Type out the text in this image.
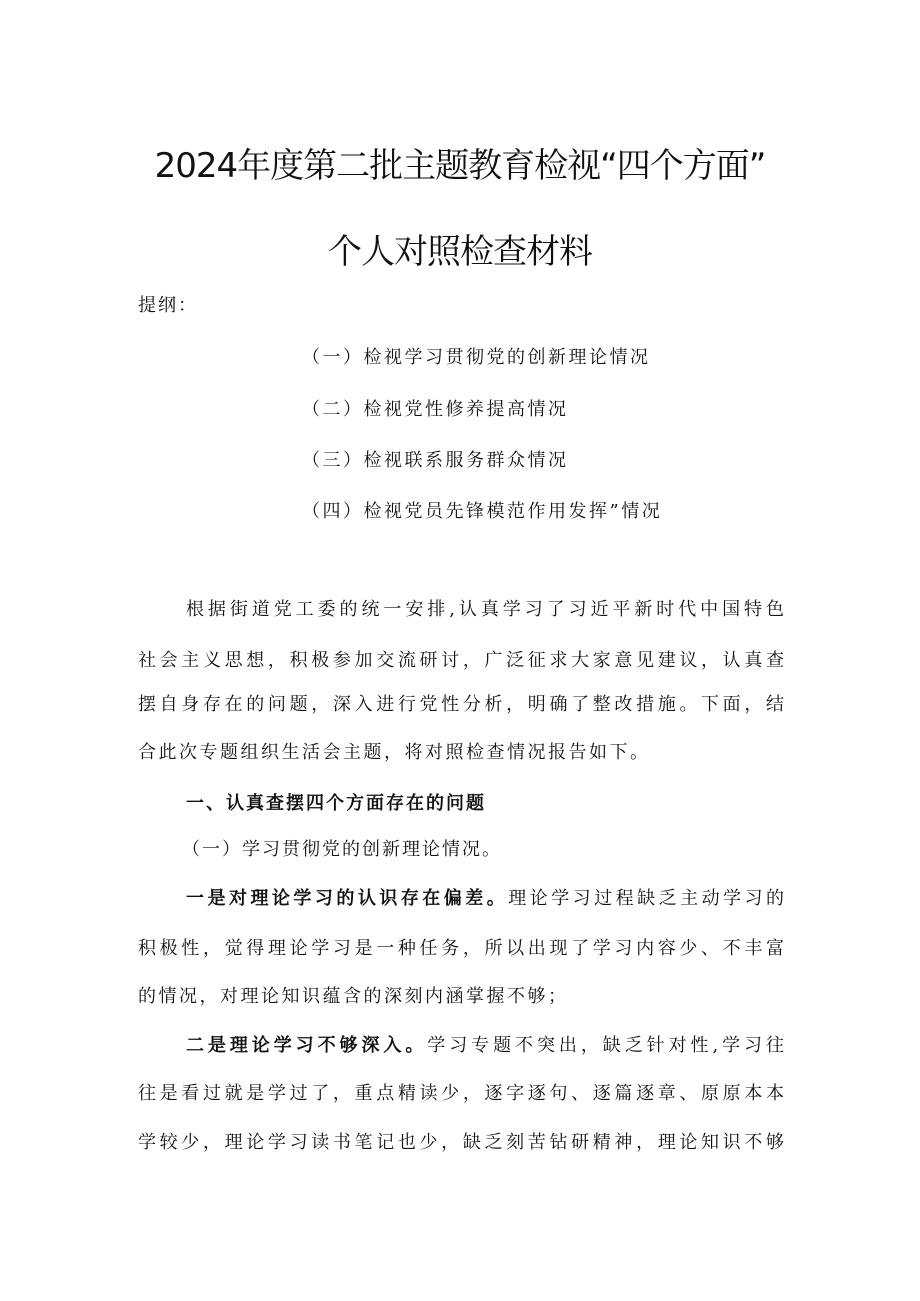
2024年度第二批主题教育检视“四个方面”
个人对照检查材料
提纲：
（一）检视学习贯彻党的创新理论情况
（二）检视党性修养提高情况
（三）检视联系服务群众情况
（四）检视党员先锋模范作用发挥”情况
根据街道党工委的统一安排,认真学习了习近平新时代中国特色
社会主义思想，积极参加交流研讨，广泛征求大家意见建议，认真查
摆自身存在的问题，深入进行党性分析，明确了整改措施。下面，结
合此次专题组织生活会主题，将对照检查情况报告如下。
一、认真查摆四个方面存在的问题
（一）学习贯彻党的创新理论情况。
一是对理论学习的认识存在偏差。理论学习过程缺乏主动学习的
积极性，觉得理论学习是一种任务，所以出现了学习内容少、不丰富
的情况，对理论知识蕴含的深刻内涵掌握不够；
二是理论学习不够深入。学习专题不突出，缺乏针对性,学习往
往是看过就是学过了，重点精读少，逐字逐句、逐篇逐章、原原本本
学较少，理论学习读书笔记也少，缺乏刻苦钻研精神，理论知识不够
